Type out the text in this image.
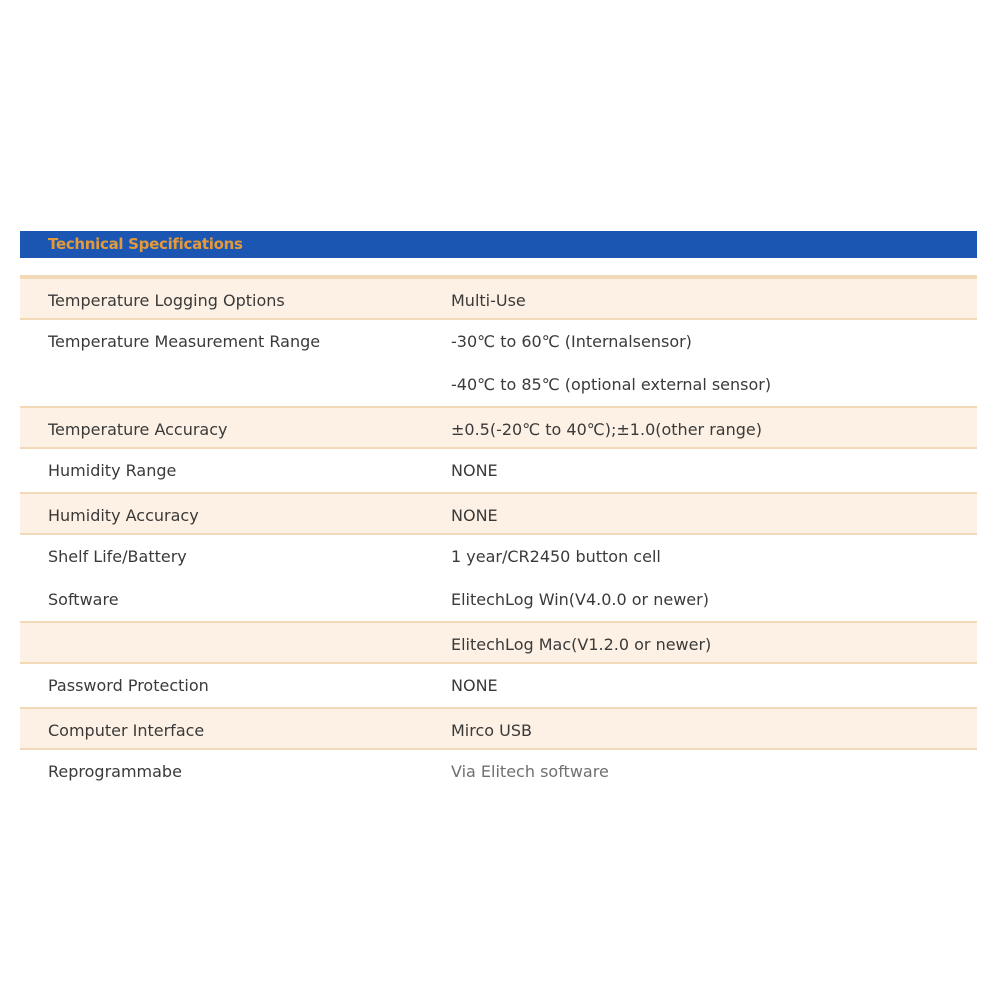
Technical Specifications
Temperature Logging Options	Multi-Use
Temperature Measurement Range	-30℃ to 60℃ (Internalsensor)
-40℃ to 85℃ (optional external sensor)
Temperature Accuracy	±0.5(-20℃ to 40℃);±1.0(other range)
Humidity Range	NONE
Humidity Accuracy	NONE
Shelf Life/Battery	1 year/CR2450 button cell
Software	ElitechLog Win(V4.0.0 or newer)
ElitechLog Mac(V1.2.0 or newer)
Password Protection	NONE
Computer Interface	Mirco USB
Reprogrammabe	Via Elitech software
